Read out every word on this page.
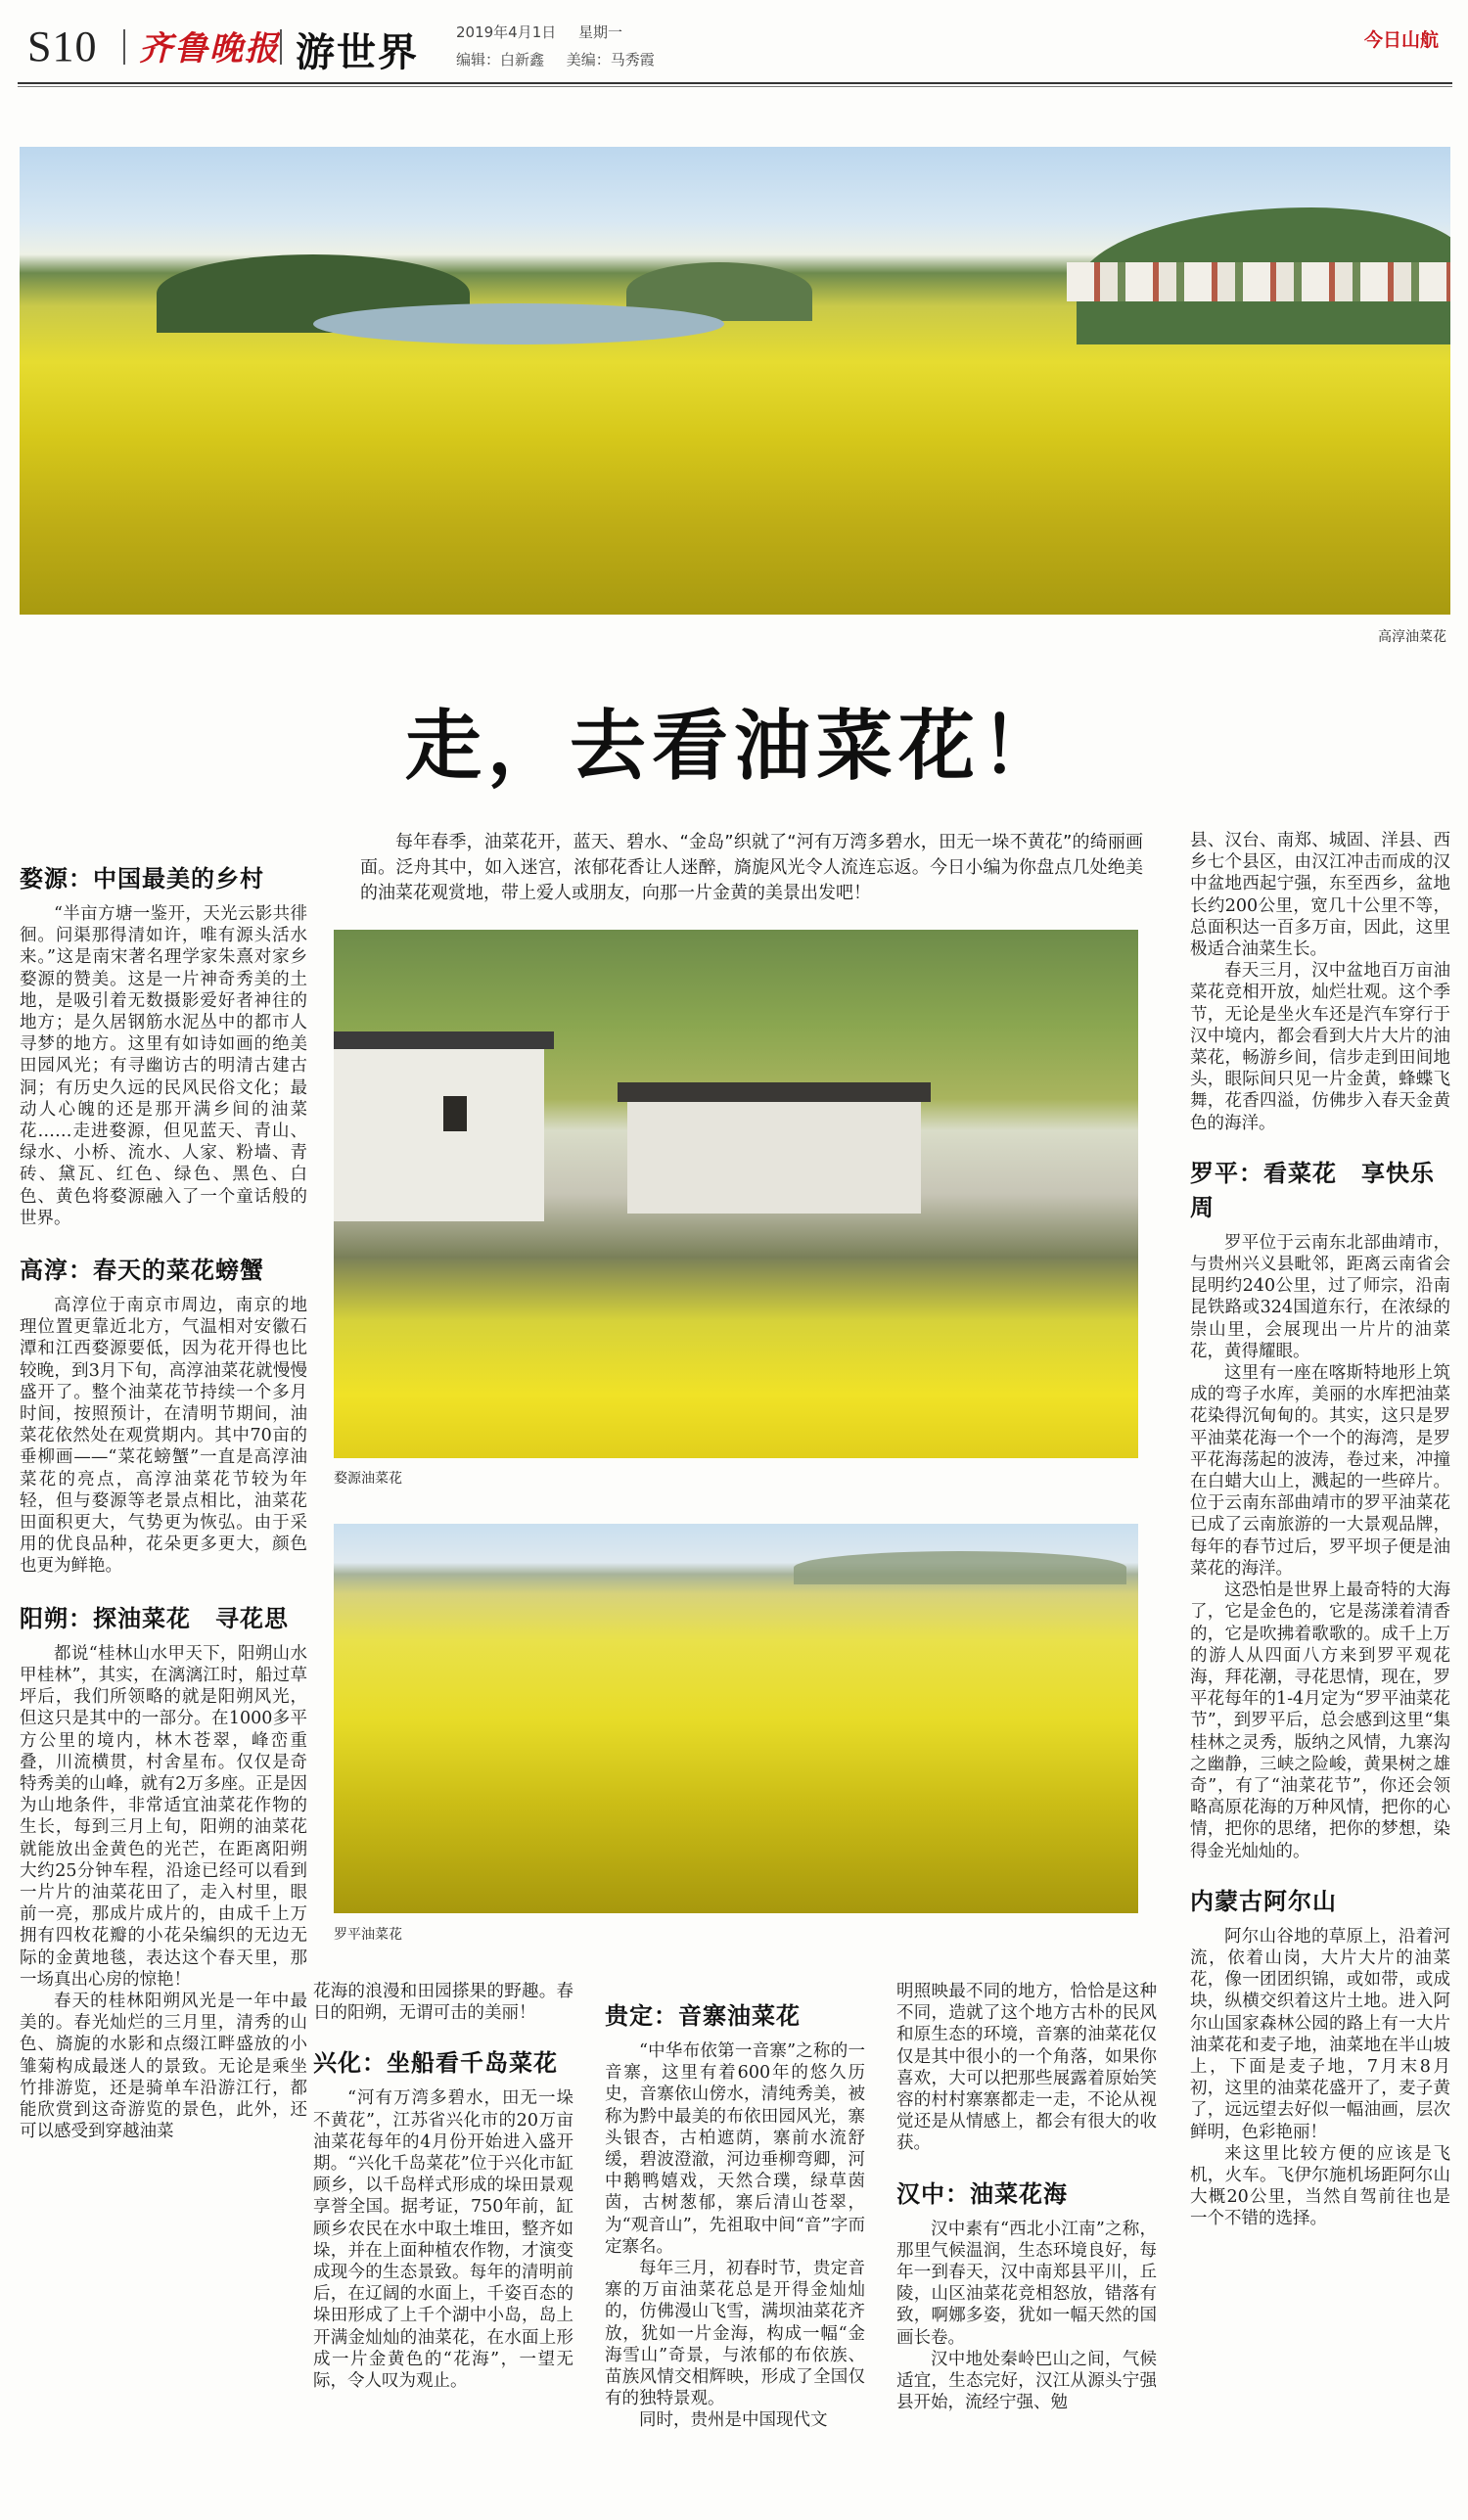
S10 齐鲁晚报 游世界	2019年4月1日 星期一
编辑：白新鑫 美编：马秀霞
今日山航
高淳油菜花
走，去看油菜花！
每年春季，油菜花开，蓝天、碧水、“金岛”织就了“河有万湾多碧水，田无一垛不黄花”的绮丽画面。泛舟其中，如入迷宫，浓郁花香让人迷醉，旖旎风光令人流连忘返。今日小编为你盘点几处绝美的油菜花观赏地，带上爱人或朋友，向那一片金黄的美景出发吧！
婺源：中国最美的乡村

“半亩方塘一鉴开，天光云影共徘徊。问渠那得清如许，唯有源头活水来。”这是南宋著名理学家朱熹对家乡婺源的赞美。这是一片神奇秀美的土地，是吸引着无数摄影爱好者神往的地方；是久居钢筋水泥丛中的都市人寻梦的地方。这里有如诗如画的绝美田园风光；有寻幽访古的明清古建古洞；有历史久远的民风民俗文化；最动人心魄的还是那开满乡间的油菜花……走进婺源，但见蓝天、青山、绿水、小桥、流水、人家、粉墙、青砖、黛瓦、红色、绿色、黑色、白色、黄色将婺源融入了一个童话般的世界。

高淳：春天的菜花螃蟹

高淳位于南京市周边，南京的地理位置更靠近北方，气温相对安徽石潭和江西婺源要低，因为花开得也比较晚，到3月下旬，高淳油菜花就慢慢盛开了。整个油菜花节持续一个多月时间，按照预计，在清明节期间，油菜花依然处在观赏期内。其中70亩的垂柳画——“菜花螃蟹”一直是高淳油菜花的亮点，高淳油菜花节较为年轻，但与婺源等老景点相比，油菜花田面积更大，气势更为恢弘。由于采用的优良品种，花朵更多更大，颜色也更为鲜艳。

阳朔：探油菜花　寻花思

都说“桂林山水甲天下，阳朔山水甲桂林”，其实，在漓漓江时，船过草坪后，我们所领略的就是阳朔风光，但这只是其中的一部分。在1000多平方公里的境内，林木苍翠，峰峦重叠，川流横贯，村舍星布。仅仅是奇特秀美的山峰，就有2万多座。正是因为山地条件，非常适宜油菜花作物的生长，每到三月上旬，阳朔的油菜花就能放出金黄色的光芒，在距离阳朔大约25分钟车程，沿途已经可以看到一片片的油菜花田了，走入村里，眼前一亮，那成片成片的，由成千上万拥有四枚花瓣的小花朵编织的无边无际的金黄地毯，表达这个春天里，那一场真出心房的惊艳！

春天的桂林阳朔风光是一年中最美的。春光灿烂的三月里，清秀的山色、旖旎的水影和点缀江畔盛放的小雏菊构成最迷人的景致。无论是乘坐竹排游览，还是骑单车沿游江行，都能欣赏到这奇游览的景色，此外，还可以感受到穿越油菜

婺源油菜花
罗平油菜花

花海的浪漫和田园搽果的野趣。春日的阳朔，无谓可击的美丽！

兴化：坐船看千岛菜花

“河有万湾多碧水，田无一垛不黄花”，江苏省兴化市的20万亩油菜花每年的4月份开始进入盛开期。“兴化千岛菜花”位于兴化市缸顾乡，以千岛样式形成的垛田景观享誉全国。据考证，750年前，缸顾乡农民在水中取土堆田，整齐如垛，并在上面种植农作物，才演变成现今的生态景致。每年的清明前后，在辽阔的水面上，千姿百态的垛田形成了上千个湖中小岛，岛上开满金灿灿的油菜花，在水面上形成一片金黄色的“花海”，一望无际，令人叹为观止。

贵定：音寨油菜花

“中华布依第一音寨”之称的一音寨，这里有着600年的悠久历史，音寨依山傍水，清纯秀美，被称为黔中最美的布依田园风光，寨头银杏，古柏遮荫，寨前水流舒缓，碧波澄澈，河边垂柳弯卿，河中鹅鸭嬉戏，天然合璞，绿草茵茵，古树葱郁，寨后清山苍翠，为“观音山”，先祖取中间“音”字而定寨名。

每年三月，初春时节，贵定音寨的万亩油菜花总是开得金灿灿的，仿佛漫山飞雪，满坝油菜花齐放，犹如一片金海，构成一幅“金海雪山”奇景，与浓郁的布依族、苗族风情交相辉映，形成了全国仅有的独特景观。

同时，贵州是中国现代文

明照映最不同的地方，恰恰是这种不同，造就了这个地方古朴的民风和原生态的环境，音寨的油菜花仅仅是其中很小的一个角落，如果你喜欢，大可以把那些展露着原始笑容的村村寨寨都走一走，不论从视觉还是从情感上，都会有很大的收获。

汉中：油菜花海

汉中素有“西北小江南”之称，那里气候温润，生态环境良好，每年一到春天，汉中南郑县平川，丘陵，山区油菜花竞相怒放，错落有致，啊娜多姿，犹如一幅天然的国画长卷。

汉中地处秦岭巴山之间，气候适宜，生态完好，汉江从源头宁强县开始，流经宁强、勉

县、汉台、南郑、城固、洋县、西乡七个县区，由汉江冲击而成的汉中盆地西起宁强，东至西乡，盆地长约200公里，宽几十公里不等，总面积达一百多万亩，因此，这里极适合油菜生长。

春天三月，汉中盆地百万亩油菜花竞相开放，灿烂壮观。这个季节，无论是坐火车还是汽车穿行于汉中境内，都会看到大片大片的油菜花，畅游乡间，信步走到田间地头，眼际间只见一片金黄，蜂蝶飞舞，花香四溢，仿佛步入春天金黄色的海洋。

罗平：看菜花　享快乐周

罗平位于云南东北部曲靖市，与贵州兴义县毗邻，距离云南省会昆明约240公里，过了师宗，沿南昆铁路或324国道东行，在浓绿的崇山里，会展现出一片片的油菜花，黄得耀眼。

这里有一座在喀斯特地形上筑成的弯子水库，美丽的水库把油菜花染得沉甸甸的。其实，这只是罗平油菜花海一个一个的海湾，是罗平花海荡起的波涛，卷过来，冲撞在白蜡大山上，溅起的一些碎片。位于云南东部曲靖市的罗平油菜花已成了云南旅游的一大景观品牌，每年的春节过后，罗平坝子便是油菜花的海洋。

这恐怕是世界上最奇特的大海了，它是金色的，它是荡漾着清香的，它是吹拂着歌歌的。成千上万的游人从四面八方来到罗平观花海，拜花潮，寻花思情，现在，罗平花每年的1-4月定为“罗平油菜花节”，到罗平后，总会感到这里“集桂林之灵秀，版纳之风情，九寨沟之幽静，三峡之险峻，黄果树之雄奇”，有了“油菜花节”，你还会领略高原花海的万种风情，把你的心情，把你的思绪，把你的梦想，染得金光灿灿的。

内蒙古阿尔山

阿尔山谷地的草原上，沿着河流，依着山岗，大片大片的油菜花，像一团团织锦，或如带，或成块，纵横交织着这片土地。进入阿尔山国家森林公园的路上有一大片油菜花和麦子地，油菜地在半山坡上，下面是麦子地，7月末8月初，这里的油菜花盛开了，麦子黄了，远远望去好似一幅油画，层次鲜明，色彩艳丽！

来这里比较方便的应该是飞机，火车。飞伊尔施机场距阿尔山大概20公里，当然自驾前往也是一个不错的选择。
